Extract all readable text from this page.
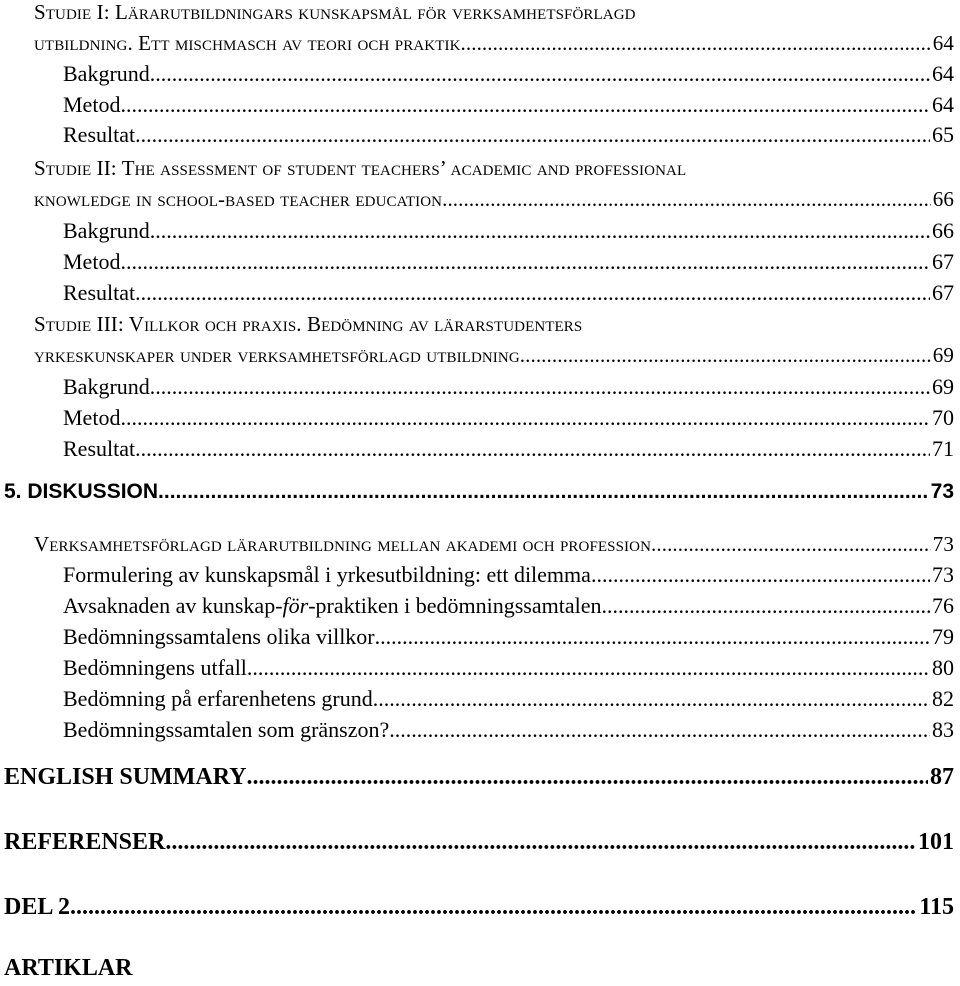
Studie I: Lärarutbildningars kunskapsmål för verksamhetsförlagd
utbildning. Ett mischmasch av teori och praktik .....	64
Bakgrund .....	64
Metod .....	64
Resultat .....	65
Studie II: The assessment of student teachers’ academic and professional
knowledge in school-based teacher education .....	66
Bakgrund .....	66
Metod .....	67
Resultat .....	67
Studie III: Villkor och praxis. Bedömning av lärarstudenters
yrkeskunskaper under verksamhetsförlagd utbildning .....	69
Bakgrund .....	69
Metod .....	70
Resultat .....	71
5. DISKUSSION .....	73
Verksamhetsförlagd lärarutbildning mellan akademi och profession .....	73
Formulering av kunskapsmål i yrkesutbildning: ett dilemma .....	73
Avsaknaden av kunskap-för-praktiken i bedömningssamtalen .....	76
Bedömningssamtalens olika villkor .....	79
Bedömningens utfall .....	80
Bedömning på erfarenhetens grund .....	82
Bedömningssamtalen som gränszon? .....	83
ENGLISH SUMMARY .....	87
REFERENSER .....	101
DEL 2 .....	115
ARTIKLAR
